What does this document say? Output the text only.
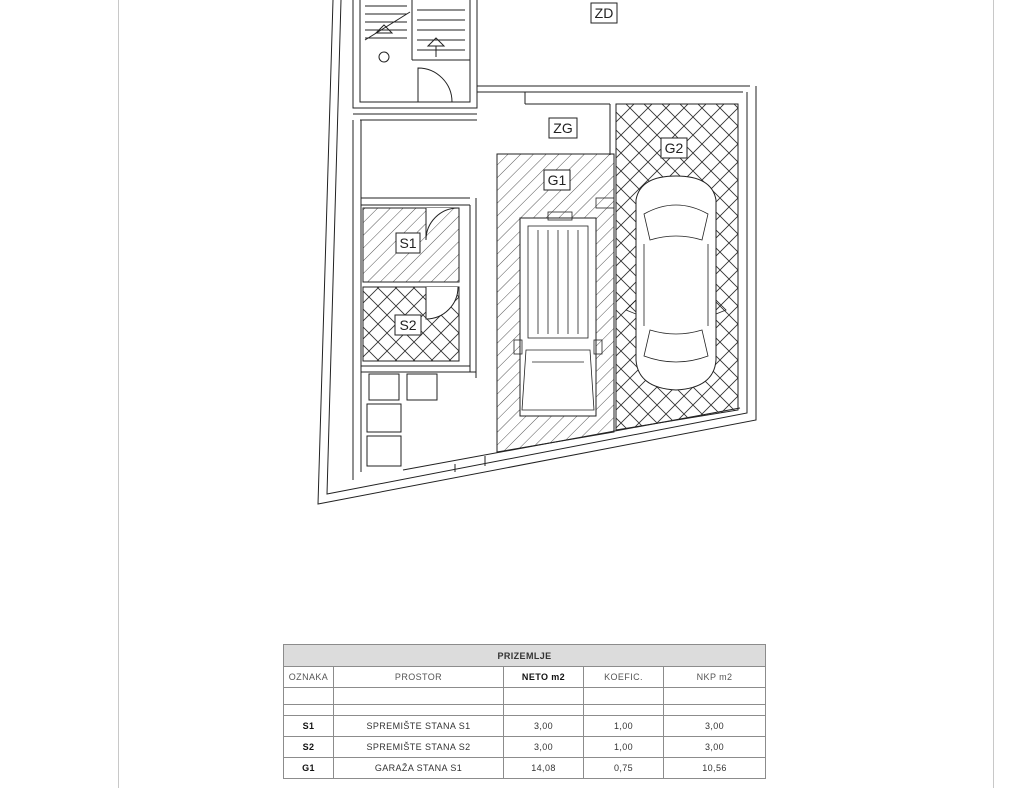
ZD
ZG
G1
G2
S1
S2
PRIZEMLJE				
OZNAKA	PROSTOR	NETO m2	KOEFIC.	NKP m2

S1	SPREMIŠTE STANA S1	3,00	1,00	3,00
S2	SPREMIŠTE STANA S2	3,00	1,00	3,00
G1	GARAŽA STANA S1	14,08	0,75	10,56
